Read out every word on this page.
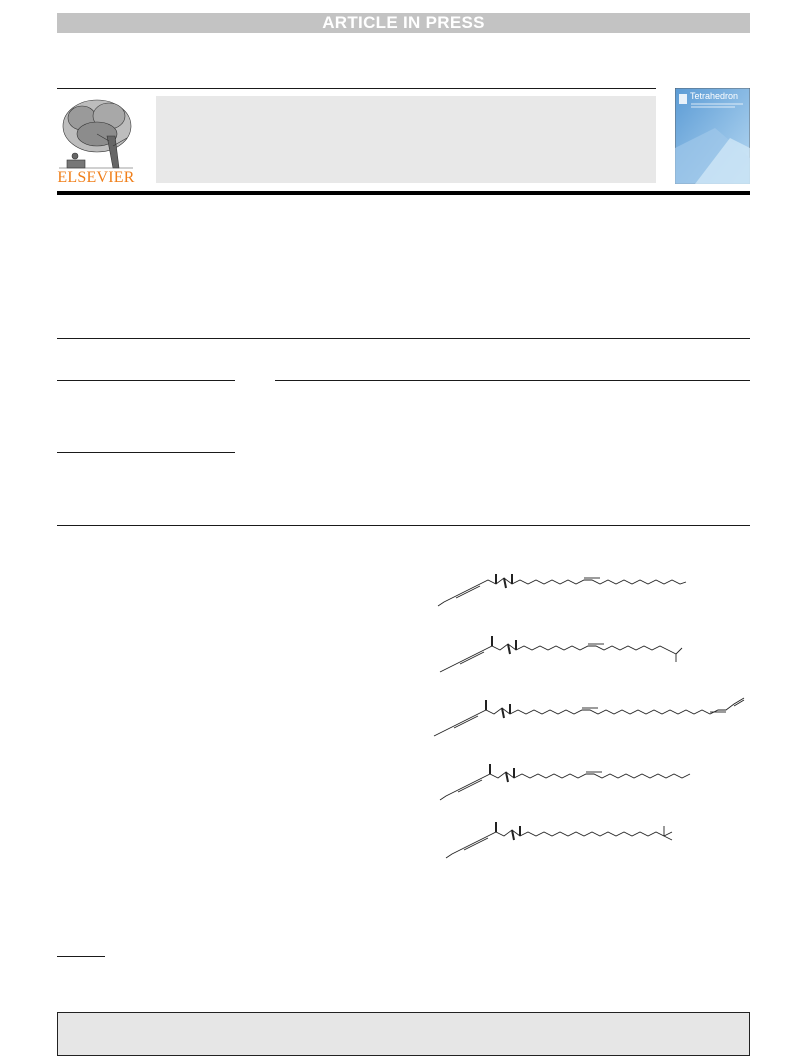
ARTICLE IN PRESS
ELSEVIER
Tetrahedron
